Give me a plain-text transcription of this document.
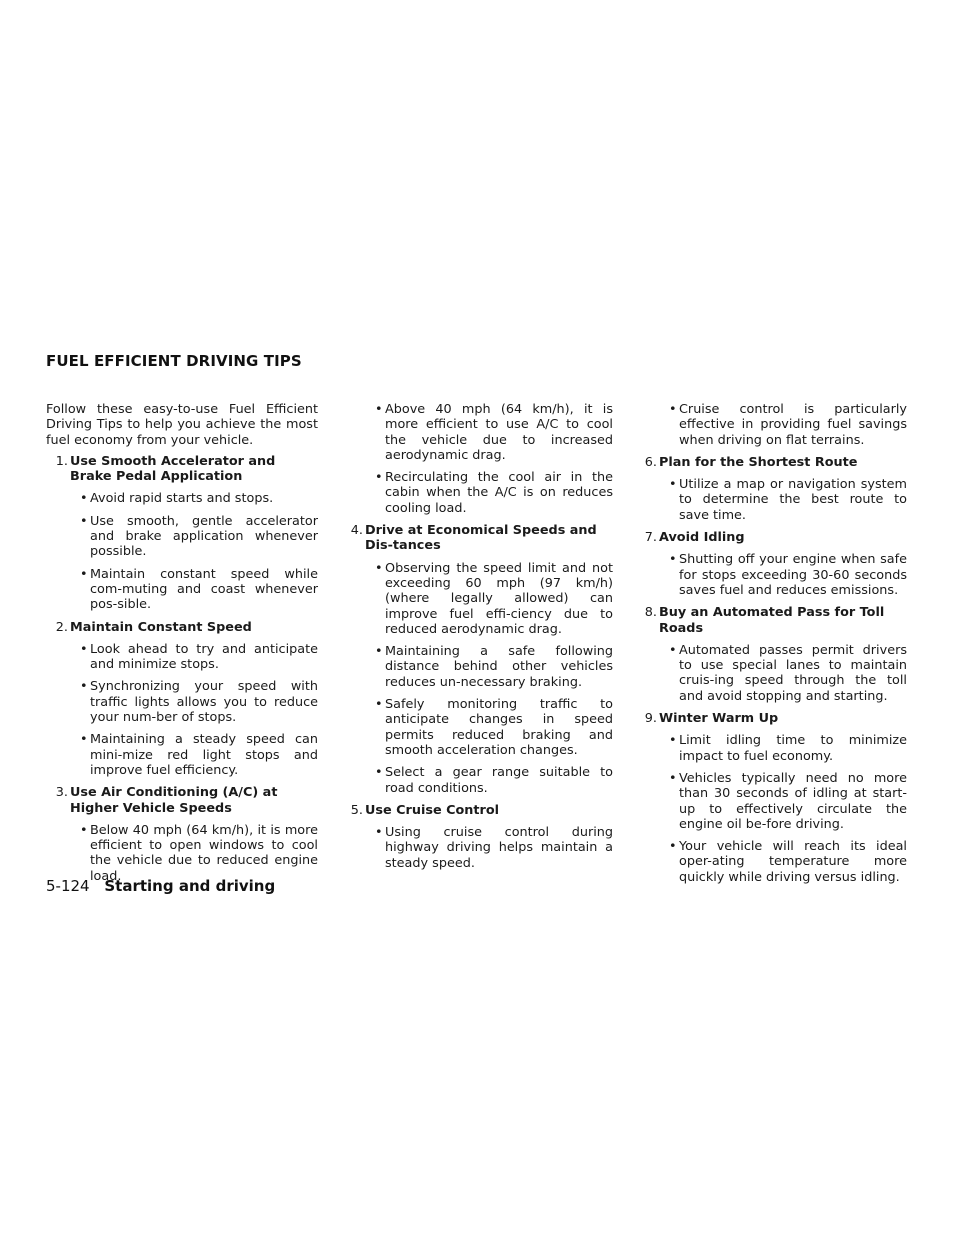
FUEL EFFICIENT DRIVING TIPS

Follow these easy-to-use Fuel Efficient Driving Tips to help you achieve the most fuel economy from your vehicle.

1. Use Smooth Accelerator and Brake Pedal Application
• Avoid rapid starts and stops.
• Use smooth, gentle accelerator and brake application whenever possible.
• Maintain constant speed while com-muting and coast whenever pos-sible.
2. Maintain Constant Speed
• Look ahead to try and anticipate and minimize stops.
• Synchronizing your speed with traffic lights allows you to reduce your num-ber of stops.
• Maintaining a steady speed can mini-mize red light stops and improve fuel efficiency.
3. Use Air Conditioning (A/C) at Higher Vehicle Speeds
• Below 40 mph (64 km/h), it is more efficient to open windows to cool the vehicle due to reduced engine load.
• Above 40 mph (64 km/h), it is more efficient to use A/C to cool the vehicle due to increased aerodynamic drag.
• Recirculating the cool air in the cabin when the A/C is on reduces cooling load.
4. Drive at Economical Speeds and Dis-tances
• Observing the speed limit and not exceeding 60 mph (97 km/h) (where legally allowed) can improve fuel effi-ciency due to reduced aerodynamic drag.
• Maintaining a safe following distance behind other vehicles reduces un-necessary braking.
• Safely monitoring traffic to anticipate changes in speed permits reduced braking and smooth acceleration changes.
• Select a gear range suitable to road conditions.
5. Use Cruise Control
• Using cruise control during highway driving helps maintain a steady speed.
• Cruise control is particularly effective in providing fuel savings when driving on flat terrains.
6. Plan for the Shortest Route
• Utilize a map or navigation system to determine the best route to save time.
7. Avoid Idling
• Shutting off your engine when safe for stops exceeding 30-60 seconds saves fuel and reduces emissions.
8. Buy an Automated Pass for Toll Roads
• Automated passes permit drivers to use special lanes to maintain cruis-ing speed through the toll and avoid stopping and starting.
9. Winter Warm Up
• Limit idling time to minimize impact to fuel economy.
• Vehicles typically need no more than 30 seconds of idling at start-up to effectively circulate the engine oil be-fore driving.
• Your vehicle will reach its ideal oper-ating temperature more quickly while driving versus idling.
5-124 Starting and driving
